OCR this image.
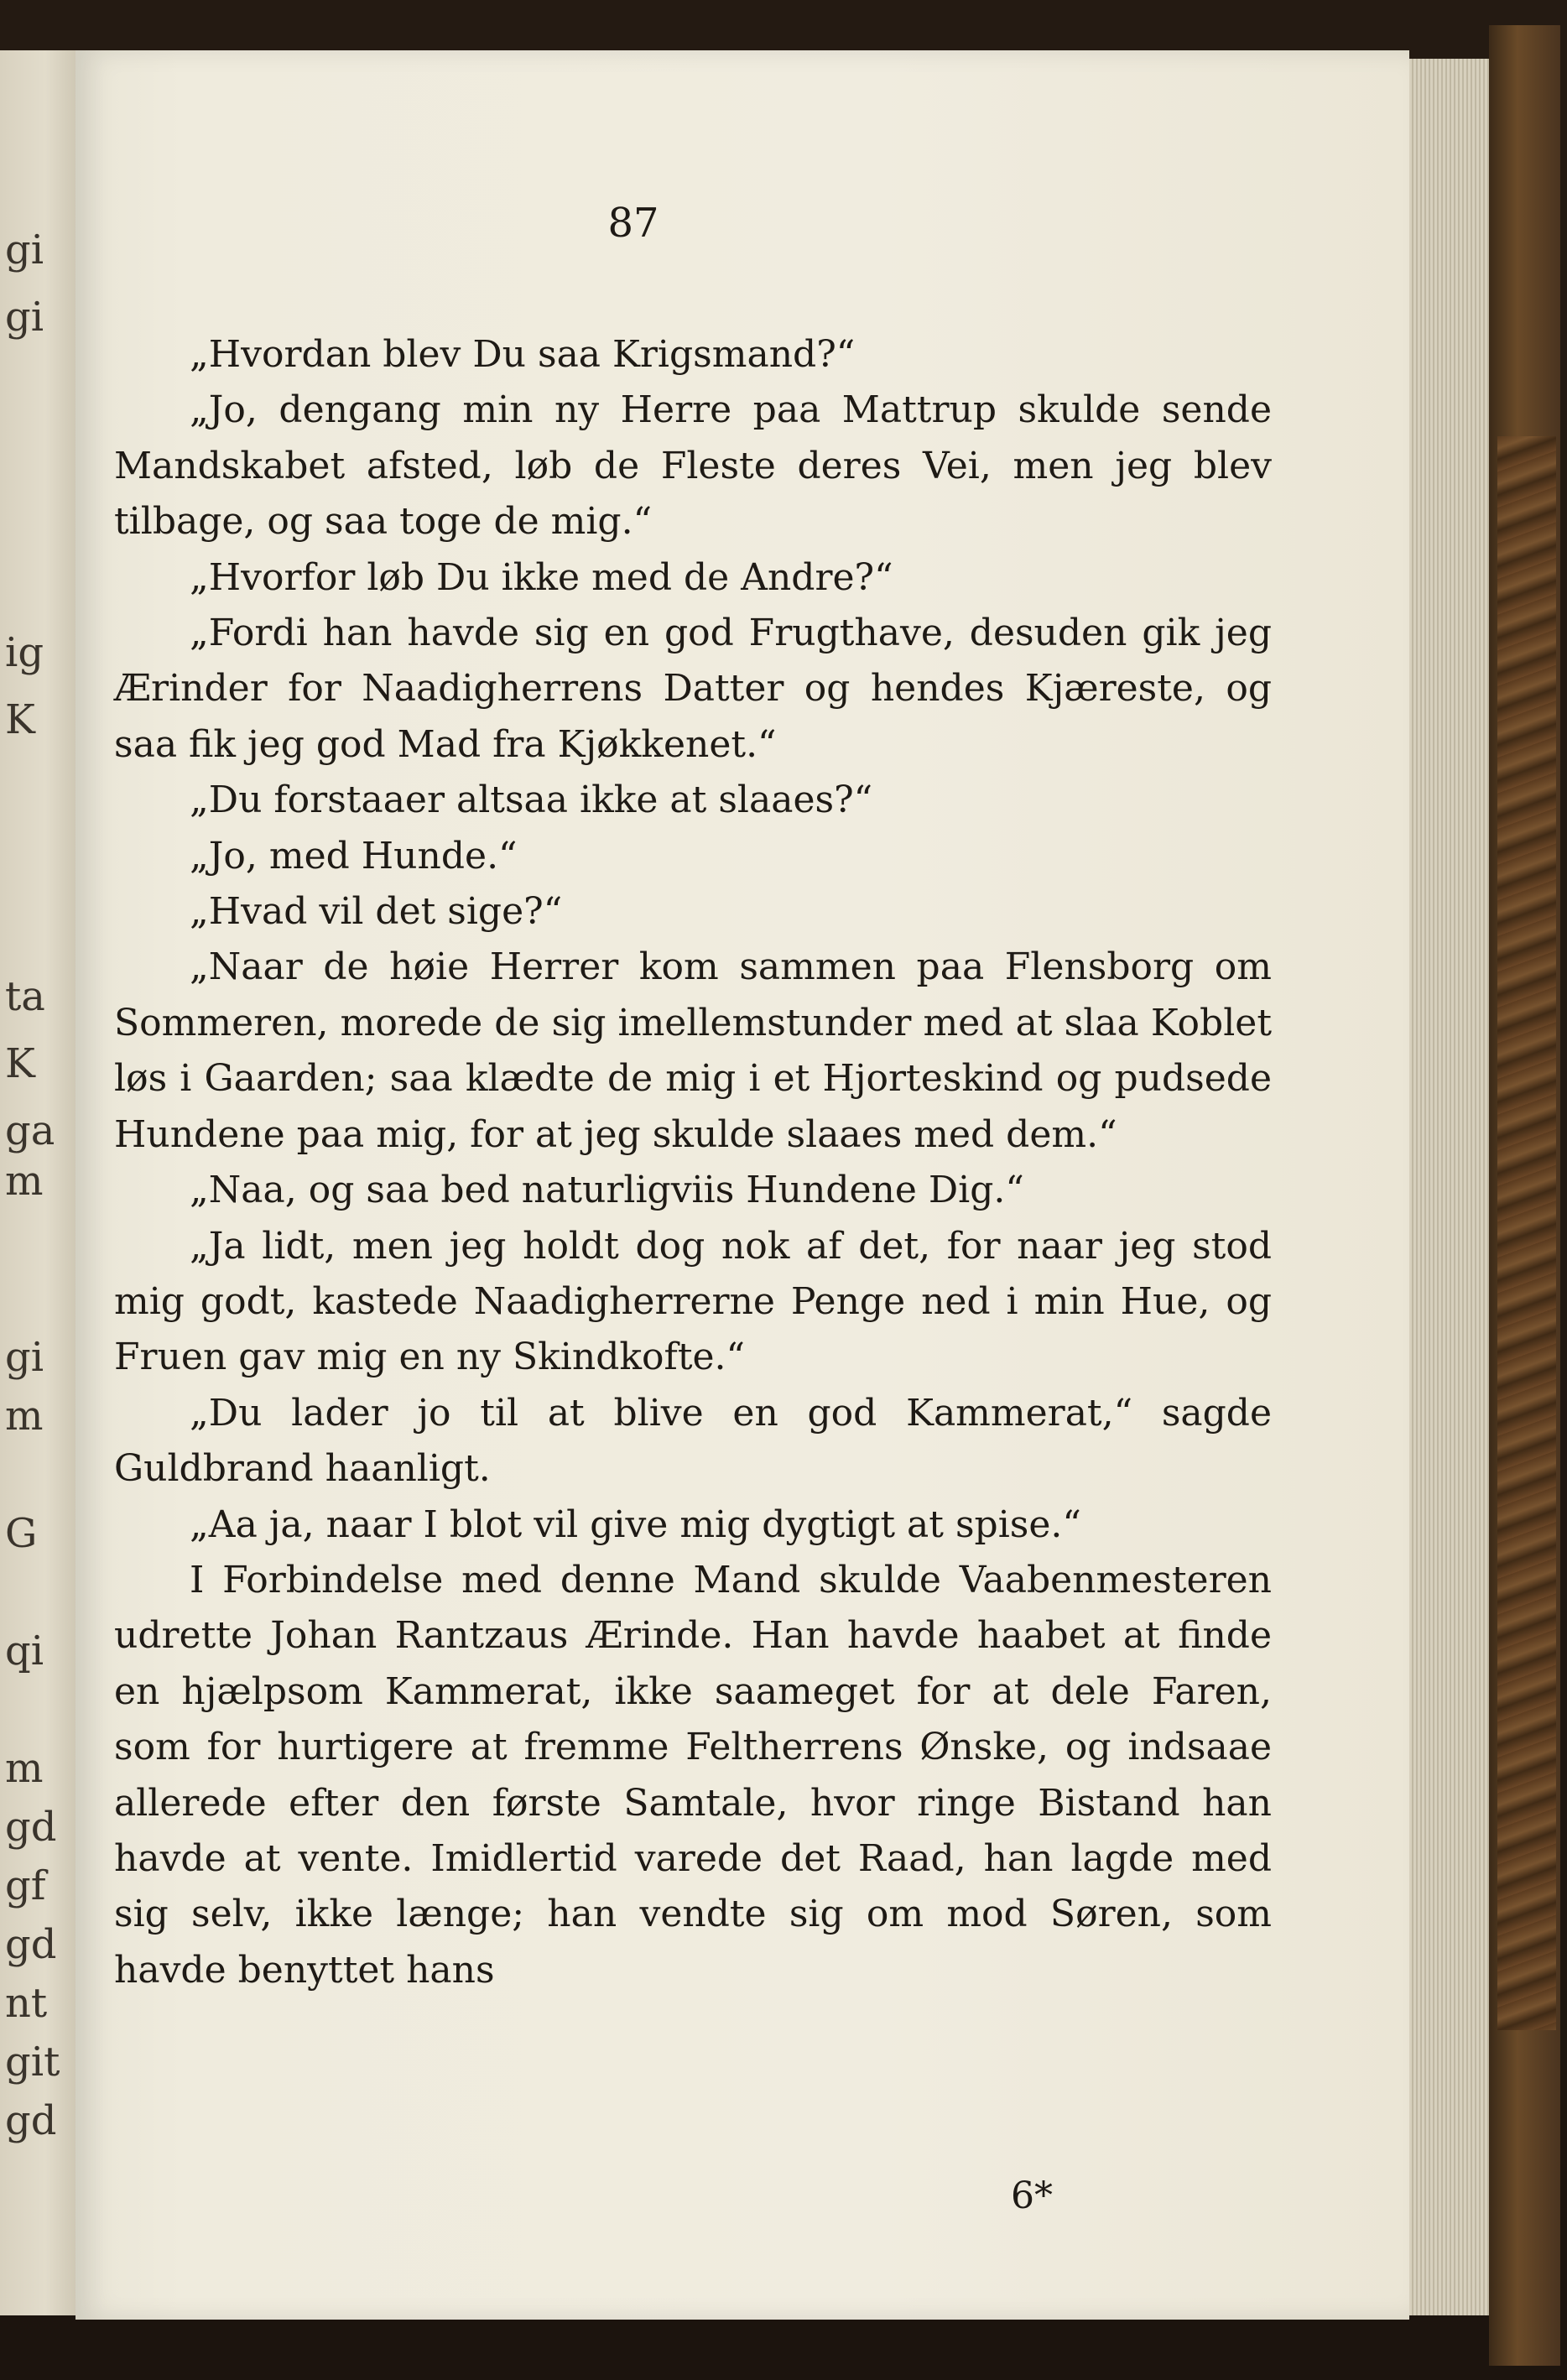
gi
gi
ig
K
ta
K
ga
m
gi
m
G
qi
m
gd
gf
gd
nt
git
gd
87

„Hvordan blev Du saa Krigsmand?“

„Jo, dengang min ny Herre paa Mattrup skulde sende Mandskabet afsted, løb de Fleste deres Vei, men jeg blev tilbage, og saa toge de mig.“

„Hvorfor løb Du ikke med de Andre?“

„Fordi han havde sig en god Frugthave, desuden gik jeg Ærinder for Naadigherrens Datter og hendes Kjæreste, og saa fik jeg god Mad fra Kjøkkenet.“

„Du forstaaer altsaa ikke at slaaes?“

„Jo, med Hunde.“

„Hvad vil det sige?“

„Naar de høie Herrer kom sammen paa Flensborg om Sommeren, morede de sig imellemstunder med at slaa Koblet løs i Gaarden; saa klædte de mig i et Hjorteskind og pudsede Hundene paa mig, for at jeg skulde slaaes med dem.“

„Naa, og saa bed naturligviis Hundene Dig.“

„Ja lidt, men jeg holdt dog nok af det, for naar jeg stod mig godt, kastede Naadigherrerne Penge ned i min Hue, og Fruen gav mig en ny Skindkofte.“

„Du lader jo til at blive en god Kammerat,“ sagde Guldbrand haanligt.

„Aa ja, naar I blot vil give mig dygtigt at spise.“

I Forbindelse med denne Mand skulde Vaabenmesteren udrette Johan Rantzaus Ærinde. Han havde haabet at finde en hjælpsom Kammerat, ikke saameget for at dele Faren, som for hurtigere at fremme Feltherrens Ønske, og indsaae allerede efter den første Samtale, hvor ringe Bistand han havde at vente. Imidlertid varede det Raad, han lagde med sig selv, ikke længe; han vendte sig om mod Søren, som havde benyttet hans

6*
